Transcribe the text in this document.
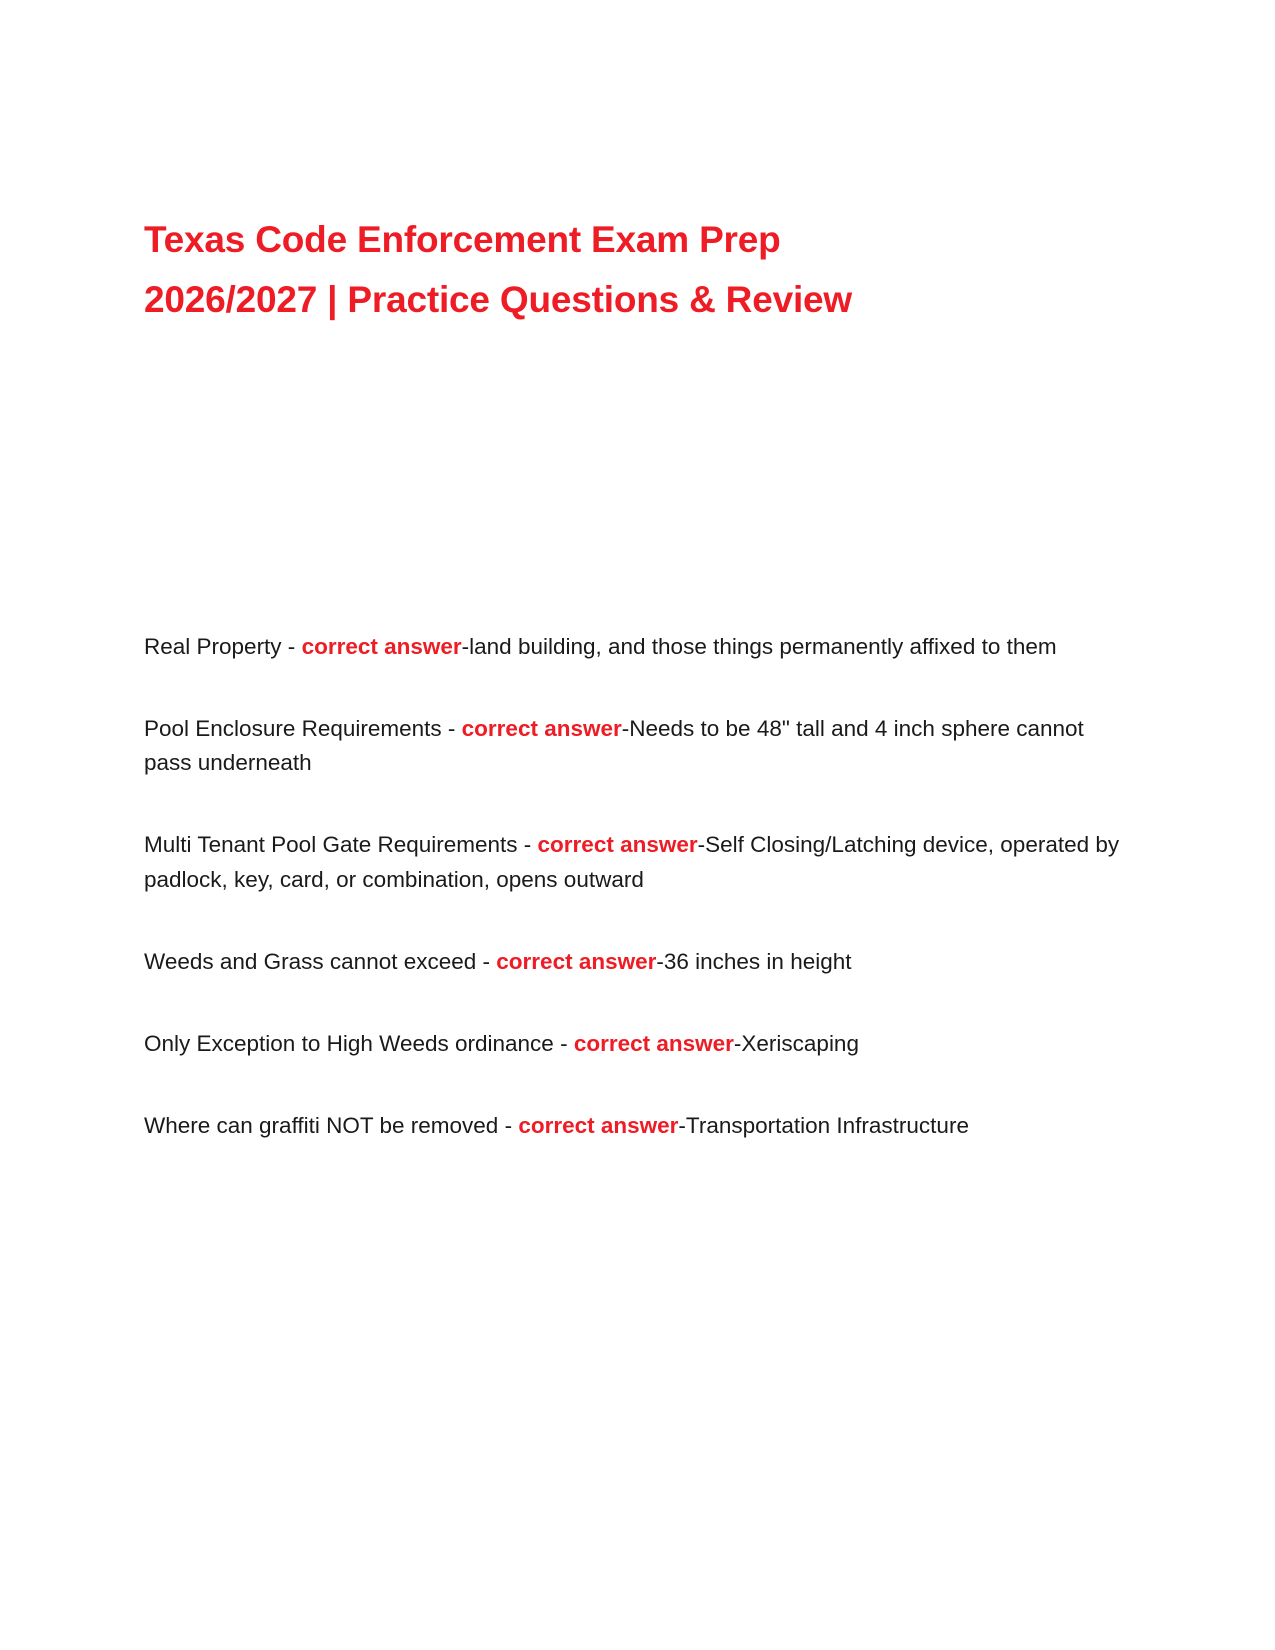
Texas Code Enforcement Exam Prep
2026/2027 | Practice Questions & Review

Real Property - correct answer-land building, and those things permanently affixed to them

Pool Enclosure Requirements - correct answer-Needs to be 48" tall and 4 inch sphere cannot pass underneath

Multi Tenant Pool Gate Requirements - correct answer-Self Closing/Latching device, operated by padlock, key, card, or combination, opens outward

Weeds and Grass cannot exceed - correct answer-36 inches in height

Only Exception to High Weeds ordinance - correct answer-Xeriscaping

Where can graffiti NOT be removed - correct answer-Transportation Infrastructure
